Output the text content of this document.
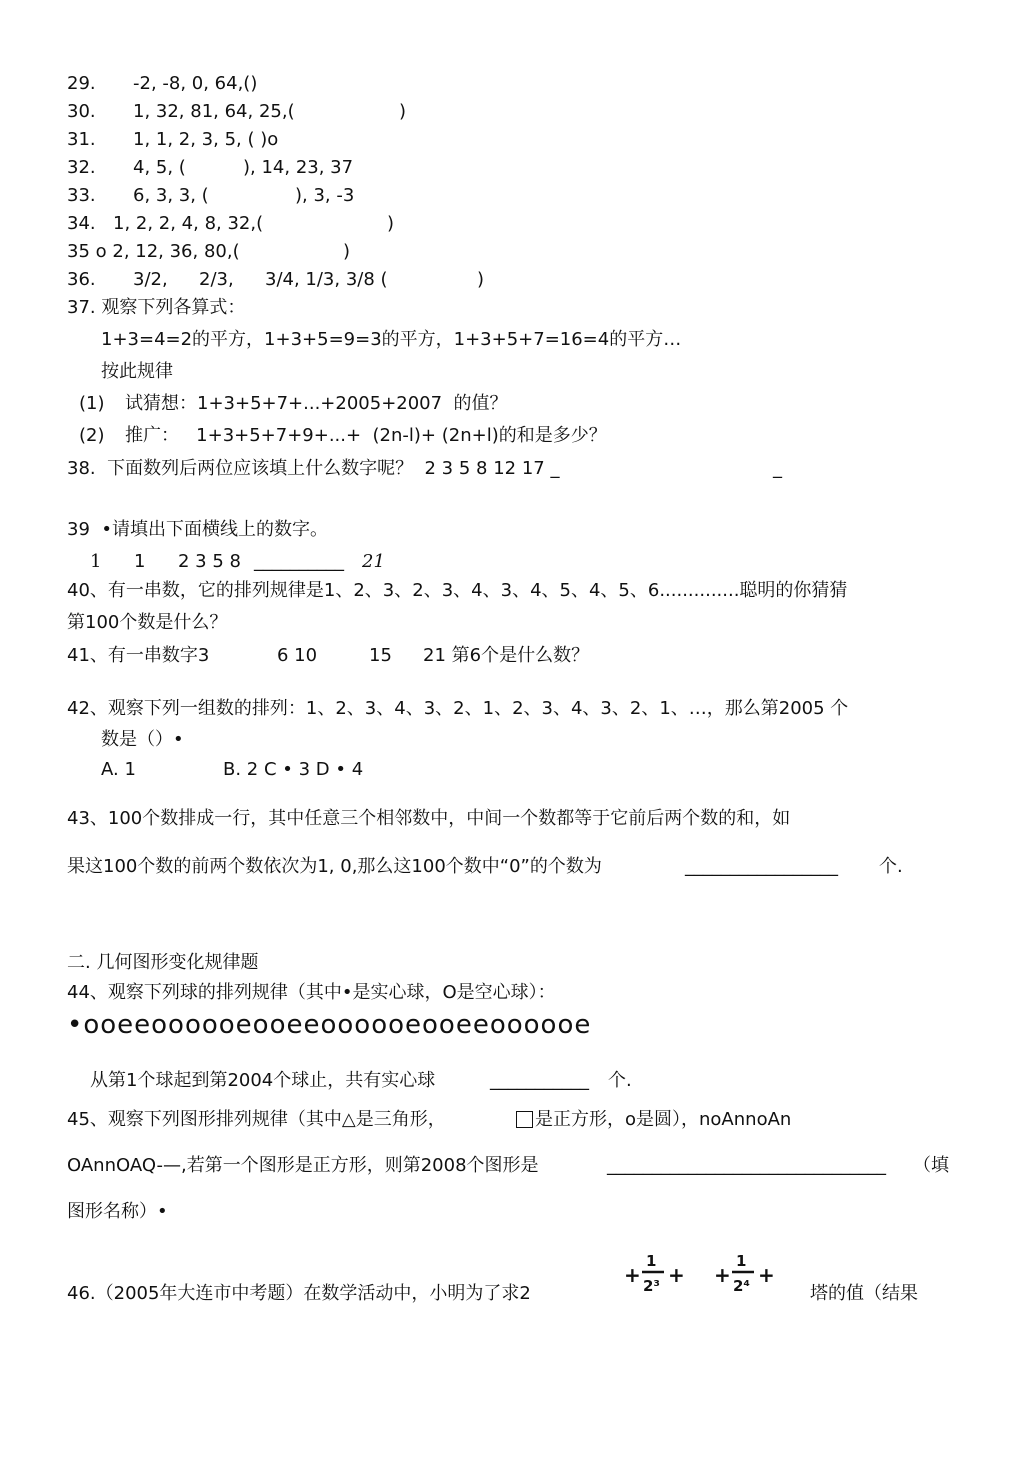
29. -2, -8, 0, 64,()
30. 1, 32, 81, 64, 25,(	)
31. 1, 1, 2, 3, 5, ( )o
32. 4, 5, (	), 14, 23, 37
33. 6, 3, 3, (	), 3, -3
34. 1, 2, 2, 4, 8, 32,(	)
35 o 2, 12, 36, 80,(	)
36. 3/2, 2/3, 3/4, 1/3, 3/8 (	)
37. 观察下列各算式：
1+3=4=2的平方，1+3+5=9=3的平方，1+3+5+7=16=4的平方…
按此规律
(1) 试猜想：1+3+5+7+...+2005+2007  的值？
(2) 推广：   1+3+5+7+9+...+  (2n-l)+ (2n+l)的和是多少？
38.  下面数列后两位应该填上什么数字呢？  2 3 5 8 12 17 _	_
39  •请填出下面横线上的数字。
1 1 2 3 5 8 __________ 21
40、有一串数，它的排列规律是1、2、3、2、3、4、3、4、5、4、5、6..............聪明的你猜猜
第100个数是什么？
41、有一串数字3	6 10	15 21 第6个是什么数？
42、观察下列一组数的排列：1、2、3、4、3、2、1、2、3、4、3、2、1、…，那么第2005 个
数是（）•
A. 1	B. 2 C • 3 D • 4
43、100个数排成一行，其中任意三个相邻数中，中间一个数都等于它前后两个数的和，如
果这100个数的前两个数依次为1, 0,那么这100个数中“0”的个数为	_________________ 个.
二. 几何图形变化规律题
44、观察下列球的排列规律（其中•是实心球，O是空心球）：
•ooeeoooooeooeeoooooeooeeoooooe
从第1个球起到第2004个球止，共有实心球	___________ 个.
45、观察下列图形排列规律（其中△是三角形，	是正方形，o是圆），noAnnoAn
OAnnOAQ-—,若第一个图形是正方形，则第2008个图形是	_______________________________ （填
图形名称）•
46.（2005年大连市中考题）在数学活动中，小明为了求2
+
1
2³ + +
1
2⁴ +
塔的值（结果
